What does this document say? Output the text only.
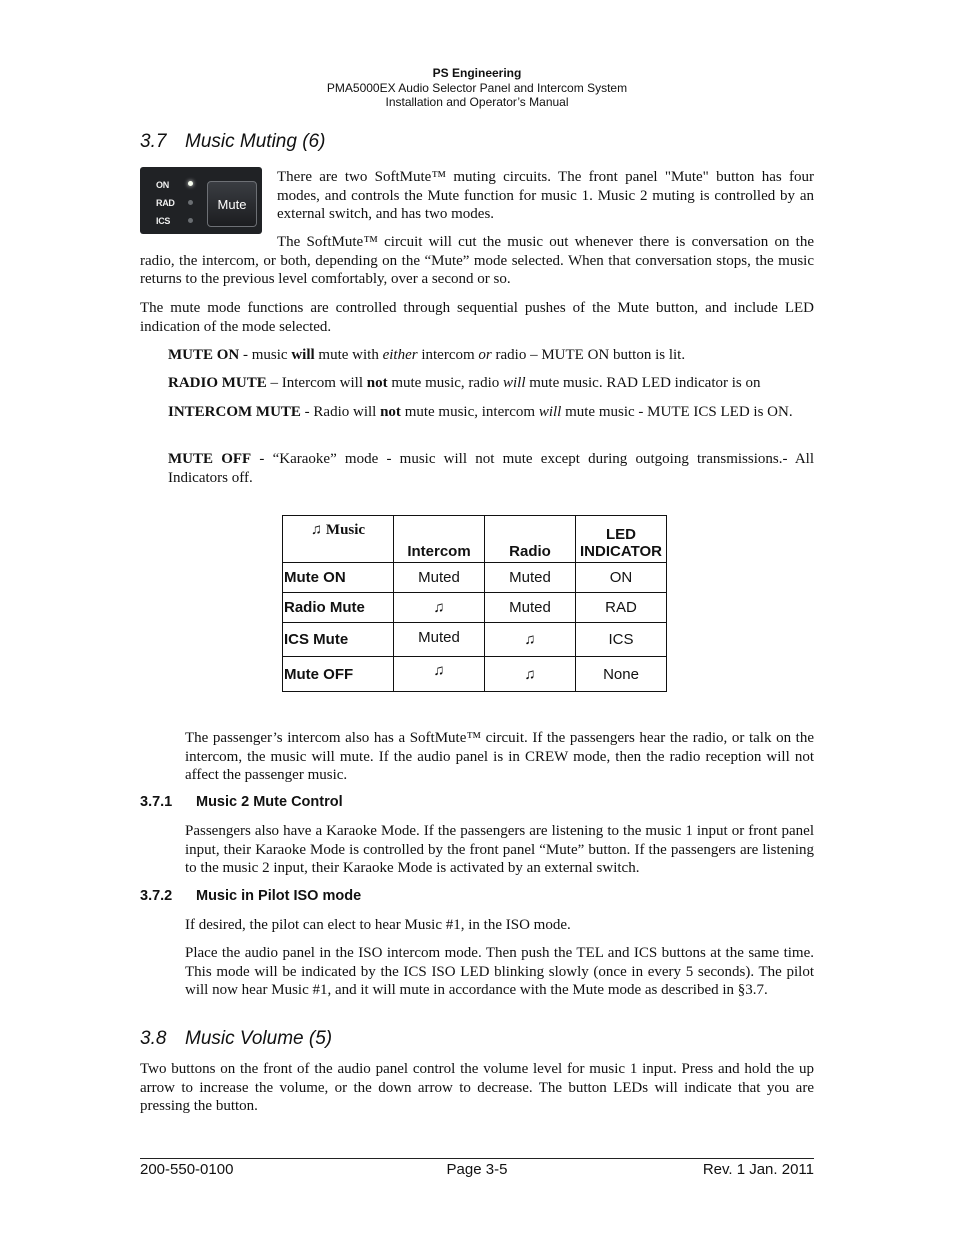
PS Engineering
PMA5000EX Audio Selector Panel and Intercom System
Installation and Operator’s Manual
3.7 Music Muting (6)
ON
RAD
ICS
Mute

There are two SoftMute™ muting circuits. The front panel "Mute" button has four modes, and controls the Mute function for music 1. Music 2 muting is controlled by an external switch, and has two modes.

The SoftMute™ circuit will cut the music out whenever there is conversation on the radio, the intercom, or both, depending on the “Mute” mode selected. When that conversation stops, the music returns to the previous level comfortably, over a second or so.

The mute mode functions are controlled through sequential pushes of the Mute button, and include LED indication of the mode selected.

MUTE ON - music will mute with either intercom or radio – MUTE ON button is lit.

RADIO MUTE – Intercom will not mute music, radio will mute music. RAD LED indicator is on

INTERCOM MUTE - Radio will not mute music, intercom will mute music - MUTE ICS LED is ON.

MUTE OFF - “Karaoke” mode - music will not mute except during outgoing transmissions.- All Indicators off.

♫ Music	Intercom	Radio	LED
INDICATOR
Mute ON	Muted	Muted	ON
Radio Mute	♫	Muted	RAD
ICS Mute	Muted	♫	ICS
Mute OFF	♫	♫	None

The passenger’s intercom also has a SoftMute™ circuit. If the passengers hear the radio, or talk on the intercom, the music will mute. If the audio panel is in CREW mode, then the radio reception will not affect the passenger music.

3.7.1 Music 2 Mute Control

Passengers also have a Karaoke Mode. If the passengers are listening to the music 1 input or front panel input, their Karaoke Mode is controlled by the front panel “Mute” button. If the passengers are listening to the music 2 input, their Karaoke Mode is activated by an external switch.

3.7.2 Music in Pilot ISO mode

If desired, the pilot can elect to hear Music #1, in the ISO mode.

Place the audio panel in the ISO intercom mode. Then push the TEL and ICS buttons at the same time. This mode will be indicated by the ICS ISO LED blinking slowly (once in every 5 seconds). The pilot will now hear Music #1, and it will mute in accordance with the Mute mode as described in §3.7.

3.8 Music Volume (5)

Two buttons on the front of the audio panel control the volume level for music 1 input. Press and hold the up arrow to increase the volume, or the down arrow to decrease. The button LEDs will indicate that you are pressing the button.

200-550-0100	Page 3-5	Rev. 1 Jan. 2011
